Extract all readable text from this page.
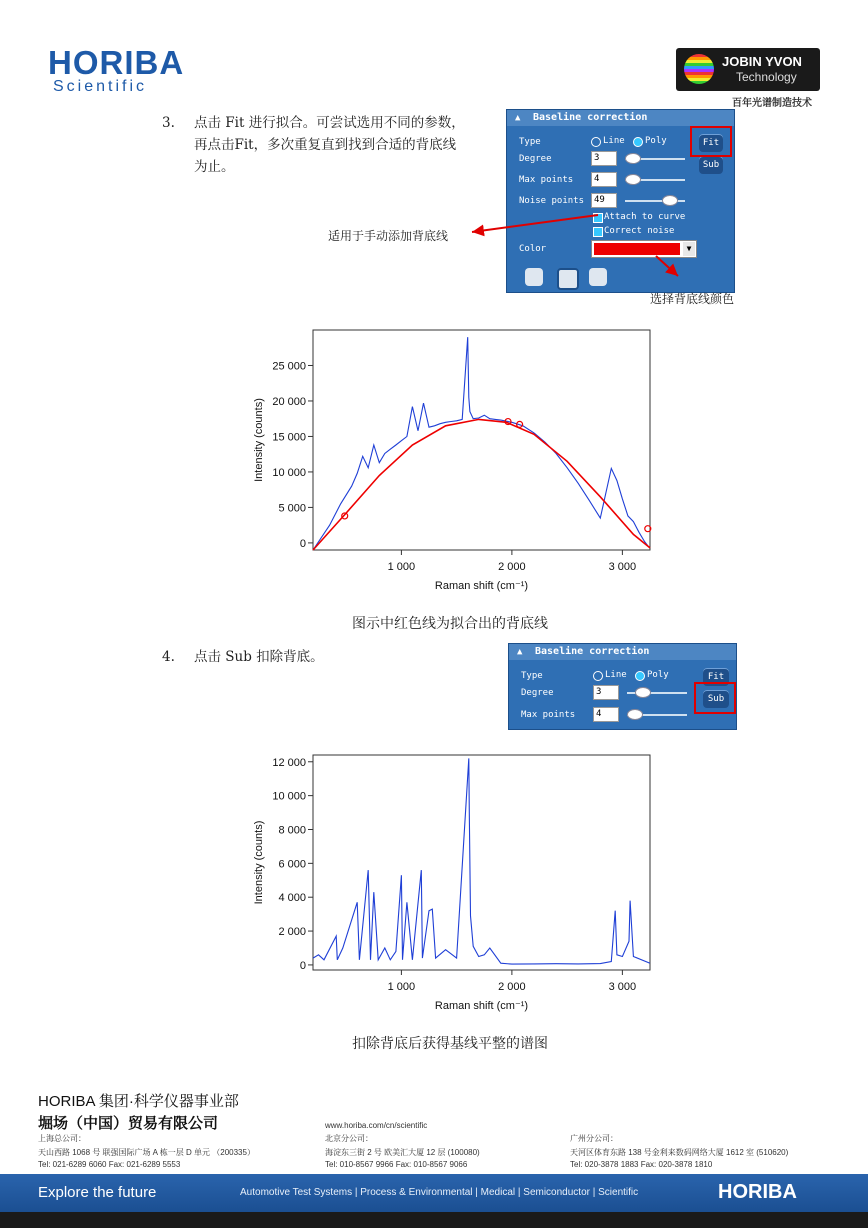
HORIBA
Scientific
JOBIN YVON
Technology
百年光谱制造技术
3. 点击 Fit 进行拟合。可尝试选用不同的参数，
再点击Fit，多次重复直到找到合适的背底线
为止。
▲ Baseline correction
Type	Line Poly
Degree	3
Max points	4
Noise points	49
Attach to curve
Correct noise
Color	▼
Fit
Sub
适用于手动添加背底线
选择背底线颜色
0
5 000
10 000
15 000
20 000
25 000
1 000	2 000	3 000
Raman shift (cm⁻¹)
Intensity (counts)
图示中红色线为拟合出的背底线
4. 点击 Sub 扣除背底。	▲ Baseline correction
Type	Line Poly
Degree	3
Max points	4
Fit
Sub
0
2 000
4 000
6 000
8 000
10 000
12 000
1 000	2 000	3 000
Raman shift (cm⁻¹)
Intensity (counts)
扣除背底后获得基线平整的谱图
HORIBA 集团·科学仪器事业部
堀场（中国）贸易有限公司	www.horiba.com/cn/scientific
上海总公司：
天山西路 1068 号 联强国际广场 A 栋一层 D 单元 （200335）
Tel: 021-6289 6060 Fax: 021-6289 5553
北京分公司：
海淀东三街 2 号 欧美汇大厦 12 层 (100080)
Tel: 010-8567 9966 Fax: 010-8567 9066
广州分公司：
天河区体育东路 138 号金利来数码网络大厦 1612 室 (510620)
Tel: 020-3878 1883 Fax: 020-3878 1810
Explore the future	Automotive Test Systems | Process & Environmental | Medical | Semiconductor | Scientific	HORIBA
